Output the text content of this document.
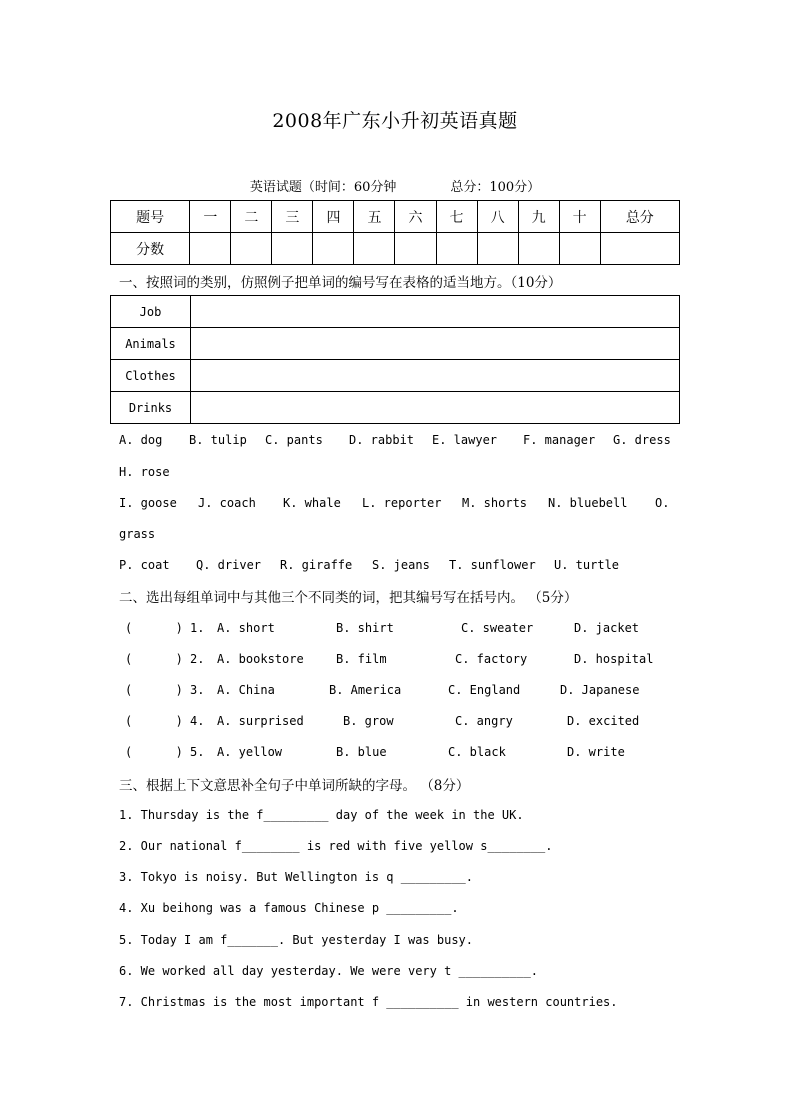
2008年广东小升初英语真题
英语试题（时间：60分钟	总分：100分）
题号	一	二	三	四	五	六	七	八	九	十	总分
分数											
一、按照词的类别，仿照例子把单词的编号写在表格的适当地方。（10分）
Job	
Animals	
Clothes	
Drinks	
A. dog B. tulip C. pants D. rabbit E. lawyer F. manager G. dress
H. rose
I. goose J. coach K. whale L. reporter M. shorts N. bluebell O.
grass
P. coat Q. driver R. giraffe S. jeans T. sunflower U. turtle
二、选出每组单词中与其他三个不同类的词，把其编号写在括号内。 （5分）
(      ) 1. A. short	B. shirt	C. sweater	D. jacket
(      ) 2. A. bookstore	B. film	C. factory	D. hospital
(      ) 3. A. China	B. America	C. England	D. Japanese
(      ) 4. A. surprised	B. grow	C. angry	D. excited
(      ) 5. A. yellow	B. blue	C. black	D. write
三、根据上下文意思补全句子中单词所缺的字母。 （8分）
1. Thursday is the f_________ day of the week in the UK.
2. Our national f________ is red with five yellow s________.
3. Tokyo is noisy. But Wellington is q _________.
4. Xu beihong was a famous Chinese p _________.
5. Today I am f_______. But yesterday I was busy.
6. We worked all day yesterday. We were very t __________.
7. Christmas is the most important f __________ in western countries.
